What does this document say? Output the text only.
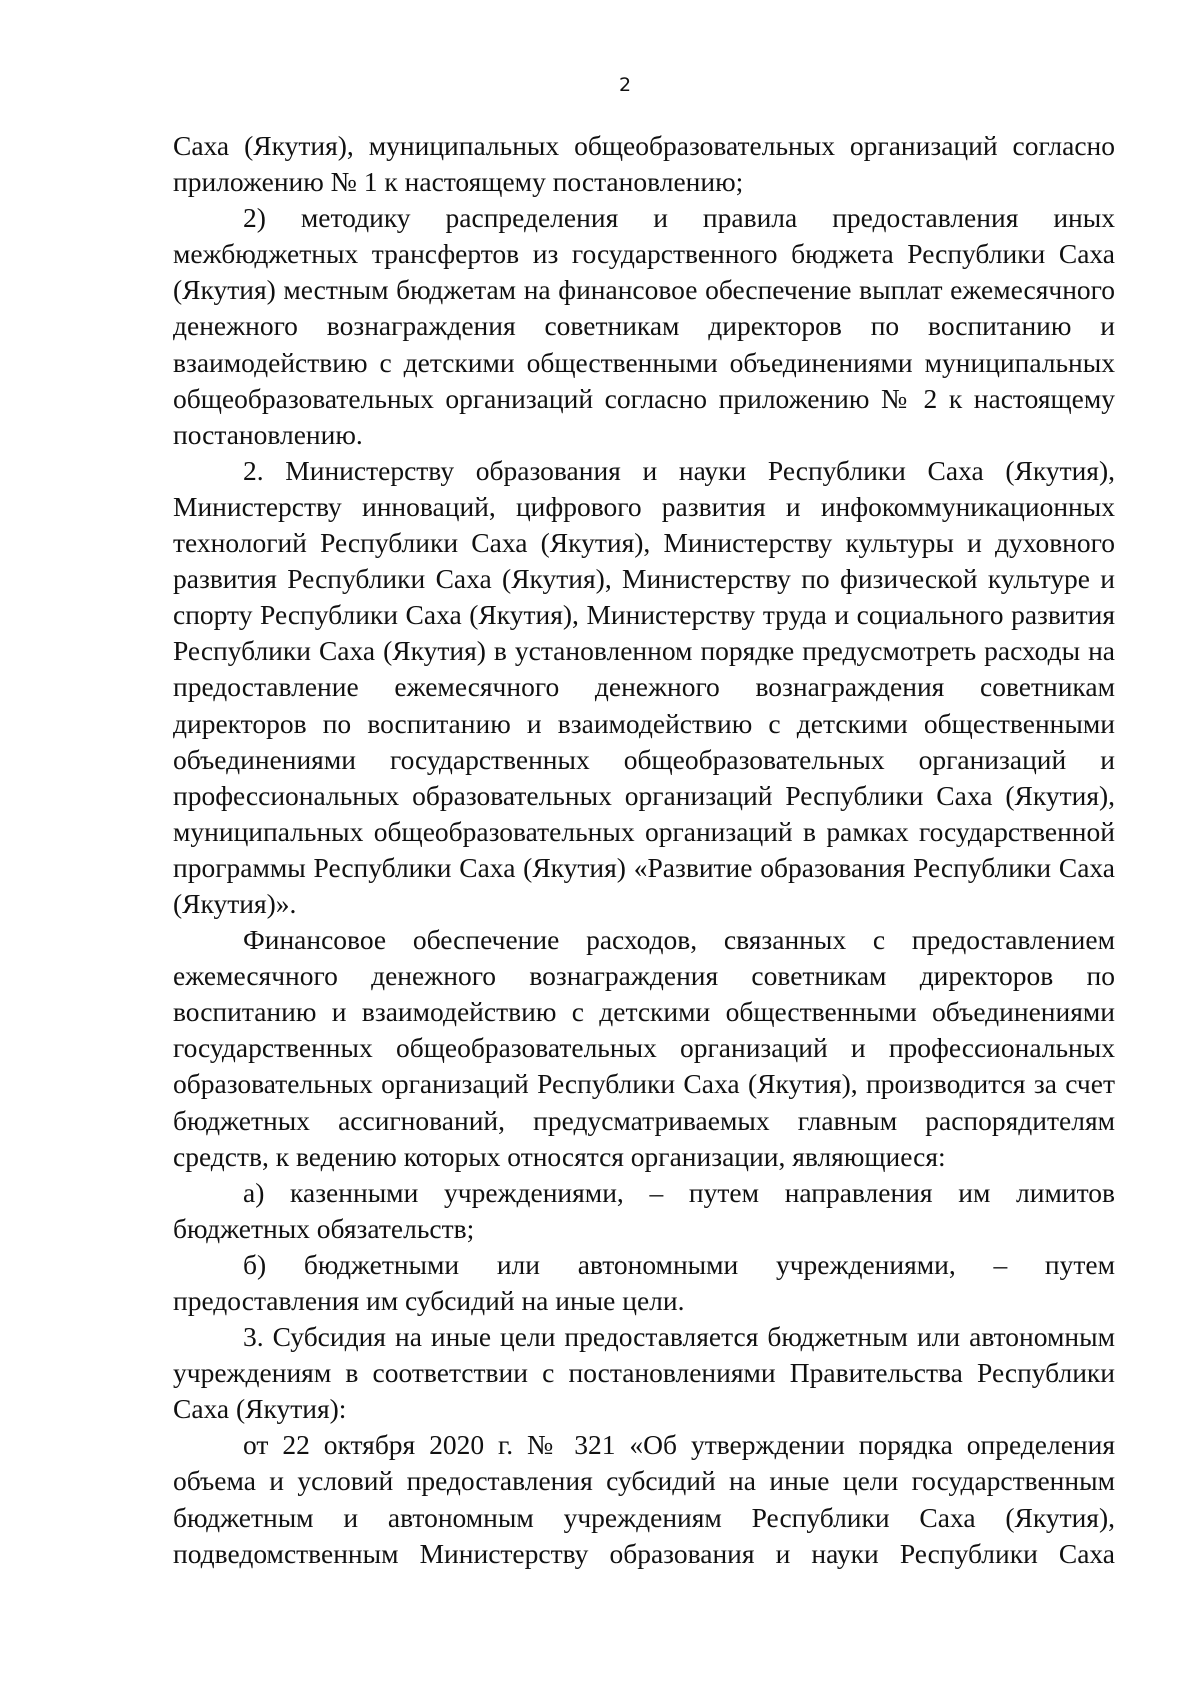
2

Саха (Якутия), муниципальных общеобразовательных организаций согласно приложению № 1 к настоящему постановлению;

2) методику распределения и правила предоставления иных межбюджетных трансфертов из государственного бюджета Республики Саха (Якутия) местным бюджетам на финансовое обеспечение выплат ежемесячного денежного вознаграждения советникам директоров по воспитанию и взаимодействию с детскими общественными объединениями муниципальных общеобразовательных организаций согласно приложению № 2 к настоящему постановлению.

2. Министерству образования и науки Республики Саха (Якутия), Министерству инноваций, цифрового развития и инфокоммуникационных технологий Республики Саха (Якутия), Министерству культуры и духовного развития Республики Саха (Якутия), Министерству по физической культуре и спорту Республики Саха (Якутия), Министерству труда и социального развития Республики Саха (Якутия) в установленном порядке предусмотреть расходы на предоставление ежемесячного денежного вознаграждения советникам директоров по воспитанию и взаимодействию с детскими общественными объединениями государственных общеобразовательных организаций и профессиональных образовательных организаций Республики Саха (Якутия), муниципальных общеобразовательных организаций в рамках государственной программы Республики Саха (Якутия) «Развитие образования Республики Саха (Якутия)».

Финансовое обеспечение расходов, связанных с предоставлением ежемесячного денежного вознаграждения советникам директоров по воспитанию и взаимодействию с детскими общественными объединениями государственных общеобразовательных организаций и профессиональных образовательных организаций Республики Саха (Якутия), производится за счет бюджетных ассигнований, предусматриваемых главным распорядителям средств, к ведению которых относятся организации, являющиеся:

а) казенными учреждениями, – путем направления им лимитов бюджетных обязательств;

б) бюджетными или автономными учреждениями, – путем предоставления им субсидий на иные цели.

3. Субсидия на иные цели предоставляется бюджетным или автономным учреждениям в соответствии с постановлениями Правительства Республики Саха (Якутия):

от 22 октября 2020 г. № 321 «Об утверждении порядка определения объема и условий предоставления субсидий на иные цели государственным бюджетным и автономным учреждениям Республики Саха (Якутия), подведомственным Министерству образования и науки Республики Саха
